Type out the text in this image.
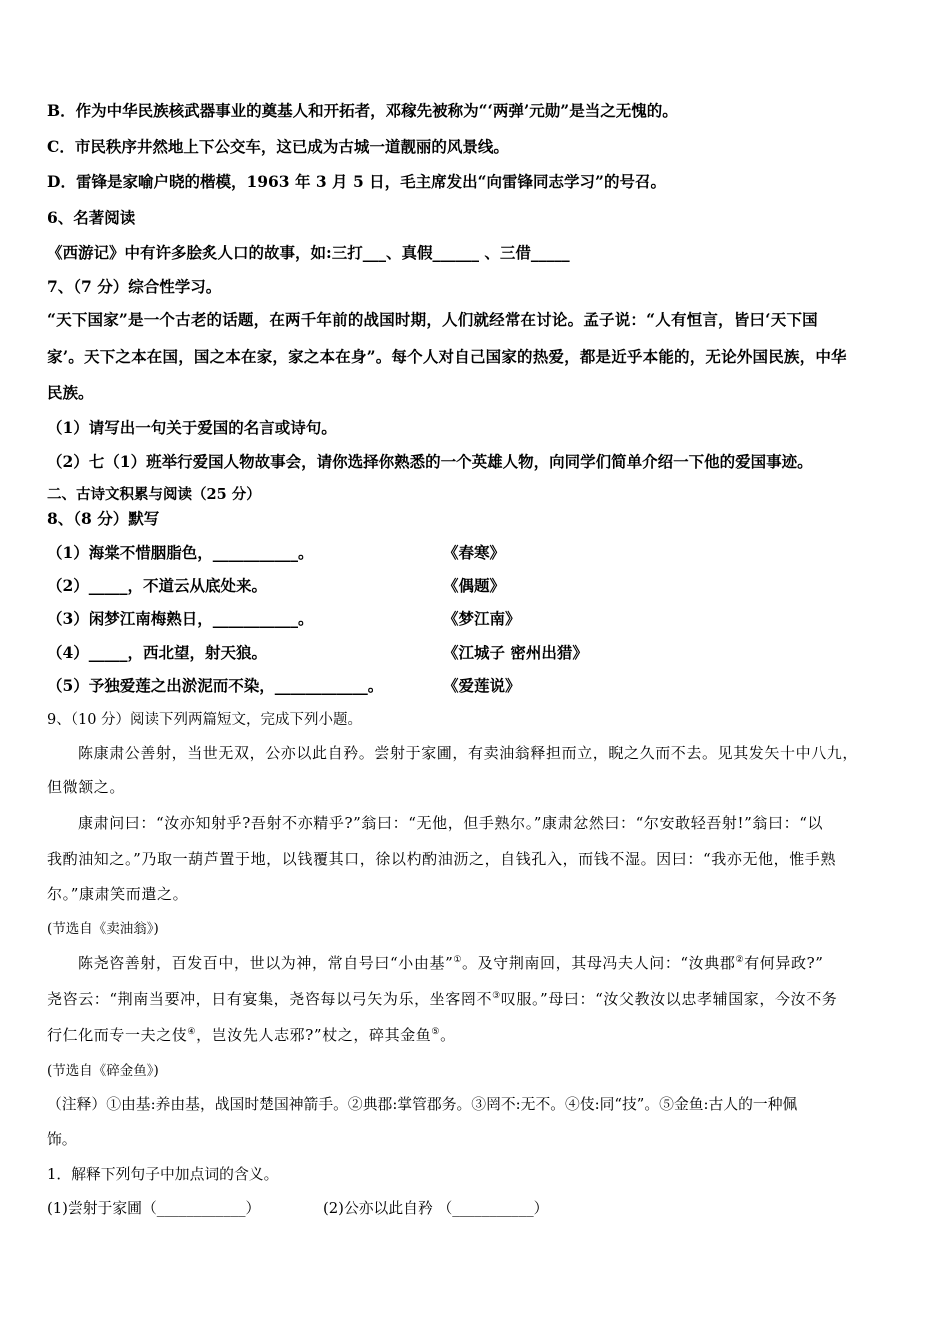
B．作为中华民族核武器事业的奠基人和开拓者，邓稼先被称为“‘两弹’元勋”是当之无愧的。
C．市民秩序井然地上下公交车，这已成为古城一道靓丽的风景线。
D．雷锋是家喻户晓的楷模，1963 年 3 月 5 日，毛主席发出“向雷锋同志学习”的号召。
6、名著阅读
《西游记》中有许多脍炙人口的故事，如:三打___、真假______ 、三借_____
7、（7 分）综合性学习。
“天下国家”是一个古老的话题，在两千年前的战国时期，人们就经常在讨论。孟子说：“人有恒言，皆曰‘天下国
家’。天下之本在国，国之本在家，家之本在身”。每个人对自己国家的热爱，都是近乎本能的，无论外国民族，中华
民族。
（1）请写出一句关于爱国的名言或诗句。
（2）七（1）班举行爱国人物故事会，请你选择你熟悉的一个英雄人物，向同学们简单介绍一下他的爱国事迹。
二、古诗文积累与阅读（25 分）
8、（8 分）默写
（1）海棠不惜胭脂色，___________。	《春寒》
（2）_____，不道云从底处来。	《偶题》
（3）闲梦江南梅熟日，___________。	《梦江南》
（4）_____，西北望，射天狼。	《江城子 密州出猎》
（5）予独爱莲之出淤泥而不染，____________。	《爱莲说》
9、（10 分）阅读下列两篇短文，完成下列小题。
陈康肃公善射，当世无双，公亦以此自矜。尝射于家圃，有卖油翁释担而立，睨之久而不去。见其发矢十中八九，
但微颔之。
康肃问曰：“汝亦知射乎?吾射不亦精乎?”翁曰：“无他，但手熟尔。”康肃忿然曰：“尔安敢轻吾射!”翁曰：“以
我酌油知之。”乃取一葫芦置于地，以钱覆其口，徐以杓酌油沥之，自钱孔入，而钱不湿。因曰：“我亦无他，惟手熟
尔。”康肃笑而遣之。
(节选自《卖油翁》)
陈尧咨善射，百发百中，世以为神，常自号曰“小由基”①。及守荆南回，其母冯夫人问：“汝典郡②有何异政?”
尧咨云：“荆南当要冲，日有宴集，尧咨每以弓矢为乐，坐客罔不③叹服。”母曰：“汝父教汝以忠孝辅国家，今汝不务
行仁化而专一夫之伎④，岂汝先人志邪?”杖之，碎其金鱼⑤。
(节选自《碎金鱼》)
（注释）①由基:养由基，战国时楚国神箭手。②典郡:掌管郡务。③罔不:无不。④伎:同“技”。⑤金鱼:古人的一种佩
饰。
1．解释下列句子中加点词的含义。
(1)尝射于家圃（____________）	(2)公亦以此自矜 （___________）
